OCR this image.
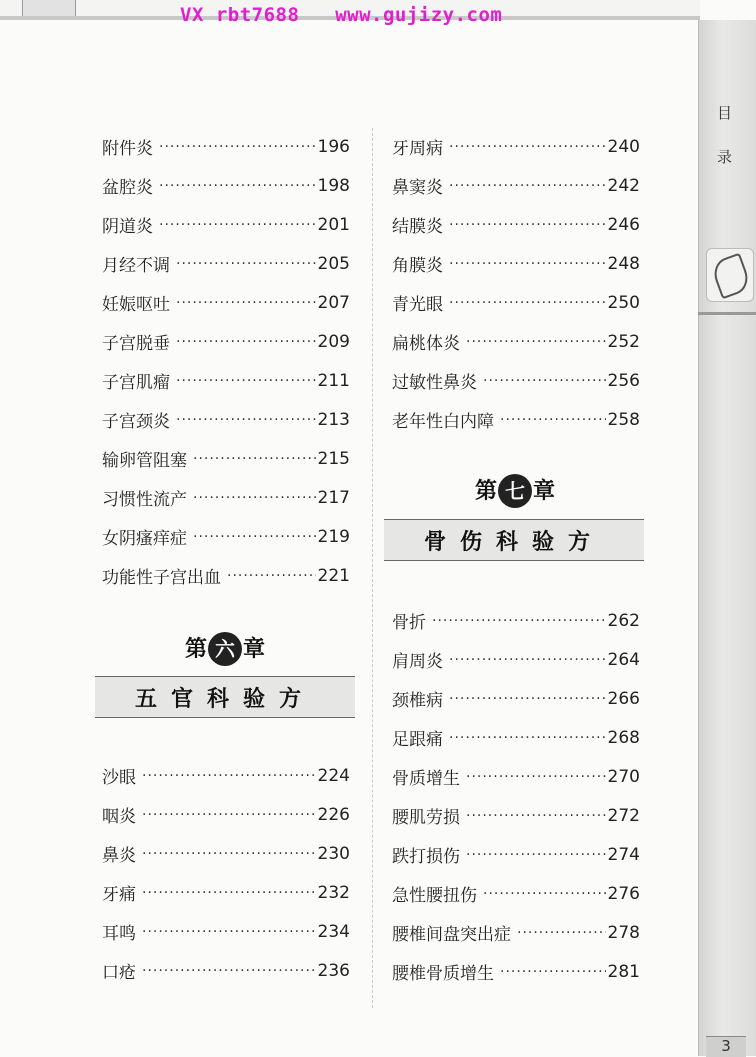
VX rbt7688   www.gujizy.com
目
录
3
附件炎 ·····	196
盆腔炎 ·····	198
阴道炎 ·····	201
月经不调 ·····	205
妊娠呕吐 ·····	207
子宫脱垂 ·····	209
子宫肌瘤 ·····	211
子宫颈炎 ·····	213
输卵管阻塞 ·····	215
习惯性流产 ·····	217
女阴瘙痒症 ·····	219
功能性子宫出血 ·····	221
第 六 章
五官科验方
沙眼 ·····	224
咽炎 ·····	226
鼻炎 ·····	230
牙痛 ·····	232
耳鸣 ·····	234
口疮 ·····	236
牙周病 ·····	240
鼻窦炎 ·····	242
结膜炎 ·····	246
角膜炎 ·····	248
青光眼 ·····	250
扁桃体炎 ·····	252
过敏性鼻炎 ·····	256
老年性白内障 ·····	258
第 七 章
骨伤科验方
骨折 ·····	262
肩周炎 ·····	264
颈椎病 ·····	266
足跟痛 ·····	268
骨质增生 ·····	270
腰肌劳损 ·····	272
跌打损伤 ·····	274
急性腰扭伤 ·····	276
腰椎间盘突出症 ·····	278
腰椎骨质增生 ·····	281
